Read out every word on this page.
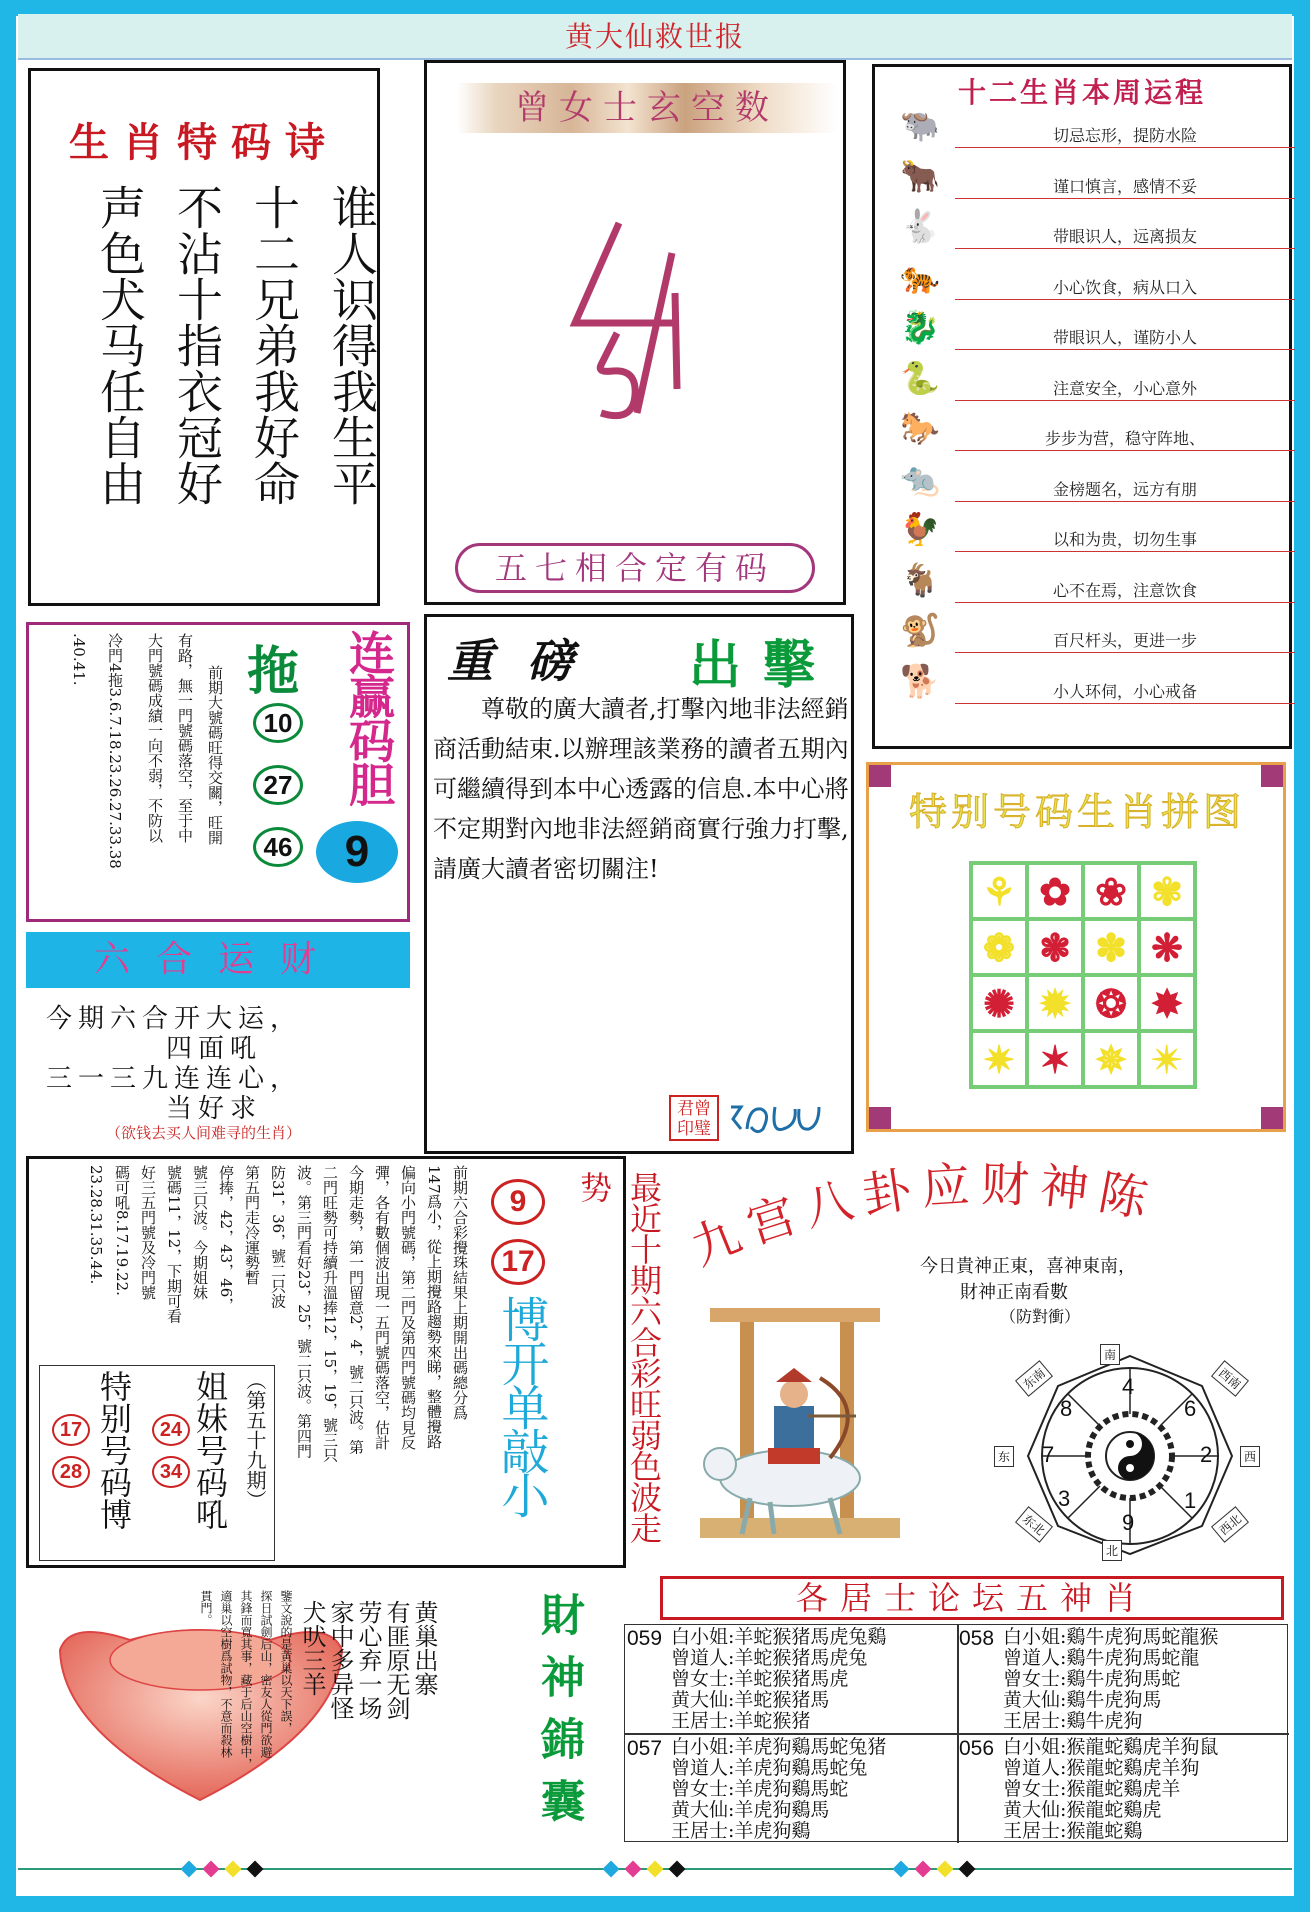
黄大仙救世报
生肖特码诗
谁人识得我生平
十二兄弟我好命
不沾十指衣冠好
声色犬马任自由
曾女士玄空数
五七相合定有码
十二生肖本周运程
🐃	切忌忘形，提防水险
🐂	谨口慎言，感情不妥
🐇	带眼识人，远离损友
🐅	小心饮食，病从口入
🐉	带眼识人，谨防小人
🐍	注意安全，小心意外
🐎	步步为营，稳守阵地、
🐀	金榜题名，远方有朋
🐓	以和为贵，切勿生事
🐐	心不在焉，注意饮食
🐒	百尺杆头，更进一步
🐕	小人环伺，小心戒备
连赢码胆
拖
10
27
46	9
前期大號碼旺得交關，旺開
有路，無一門號碼落空，至于中
大門號碼成績一向不弱，不防以
冷門4拖3.6.7.18.23.26.27.33.38
.40.41.	重磅 出擊
尊敬的廣大讀者,打擊內地非法經銷商活動結束.以辦理該業務的讀者五期內可繼續得到本中心透露的信息.本中心將不定期對內地非法經銷商實行強力打擊,請廣大讀者密切關注!
君曾印璧
六合运财
今期六合开大运，
四面吼
三一三九连连心，
当好求
（欲钱去买人间难寻的生肖）
特别号码生肖拼图
⚘ ✿ ❀ ✾
❁ ❃ ✽ ❋
✺ ✹ ❂ ✸
✷ ✶ ✵ ✴
最近十期六合彩旺弱色波走势
9
17
博开单敲小
前期六合彩攪珠結果上期開出碼總分爲
147爲小，從上期攪路趨勢來睇，整體攪路
偏向小門號碼，第二門及第四門號碼均見反
彈，各有數個波出現一五門號碼落空，估計
今期走勢，第一門留意2，4，號二只波。第
二門旺勢可持續升溫捧12，15，19，號三只
波。第三門看好23，25，號二只波。第四門
防31，36，號二只波
第五門走冷運勢暫
停捧，42，43，46，
號三只波。今期姐妹
號碼11，12，下期可看
好三五門號及冷門號
碼可吼8.17.19.22.
23.28.31.35.44.
（第五十九期）
姐妹号码吼
24
34
特别号码博
17
28
九宫八卦应财神陈
今日貴神正東，喜神東南，
財神正南看數
（防對衝）
4
9
2
3
7
8
1
6
南
北
西
东
西南
东南
西北
东北
各居士论坛五神肖
059 白小姐:羊蛇猴猪馬虎兔鷄
曾道人:羊蛇猴猪馬虎兔
曾女士:羊蛇猴猪馬虎
黄大仙:羊蛇猴猪馬
王居士:羊蛇猴猪
058 白小姐:鷄牛虎狗馬蛇龍猴
曾道人:鷄牛虎狗馬蛇龍
曾女士:鷄牛虎狗馬蛇
黄大仙:鷄牛虎狗馬
王居士:鷄牛虎狗
057 白小姐:羊虎狗鷄馬蛇兔猪
曾道人:羊虎狗鷄馬蛇兔
曾女士:羊虎狗鷄馬蛇
黄大仙:羊虎狗鷄馬
王居士:羊虎狗鷄
056 白小姐:猴龍蛇鷄虎羊狗鼠
曾道人:猴龍蛇鷄虎羊狗
曾女士:猴龍蛇鷄虎羊
黄大仙:猴龍蛇鷄虎
王居士:猴龍蛇鷄
黄巢出寨
有匪原无剑
劳心弃一场
家中多异怪
犬吠三羊
鑒文說的是黄巢以天下誤，
探日試劍后山，密友人從門欲避
其鋒而寬其事，藏于后山空樹中，
適巢以空樹爲試物，不意而殺林
貫門。	財神錦囊
